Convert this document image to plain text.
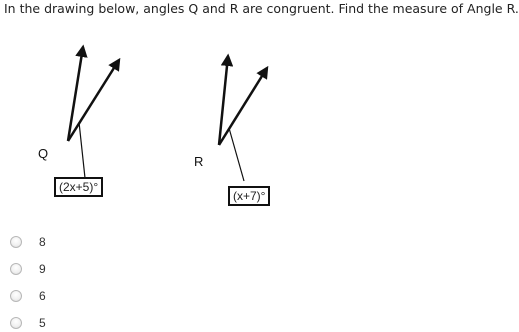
In the drawing below, angles Q and R are congruent. Find the measure of Angle R.
Q
R
(2x+5)°
(x+7)°
8
9
6
5
